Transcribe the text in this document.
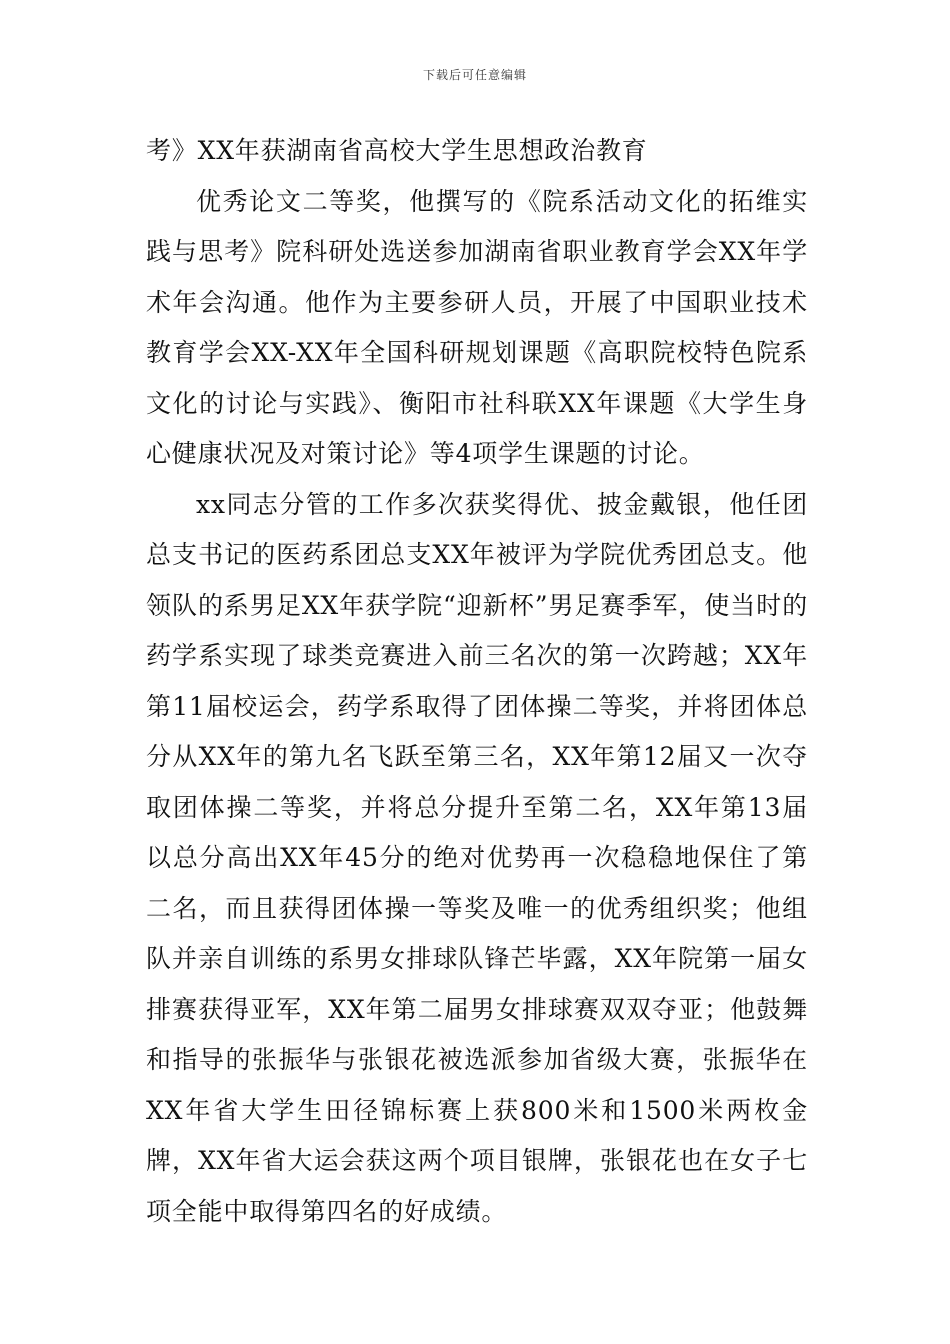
下载后可任意编辑

考》XX年获湖南省高校大学生思想政治教育

优秀论文二等奖，他撰写的《院系活动文化的拓维实践与思考》院科研处选送参加湖南省职业教育学会XX年学术年会沟通。他作为主要参研人员，开展了中国职业技术教育学会XX-XX年全国科研规划课题《高职院校特色院系文化的讨论与实践》、衡阳市社科联XX年课题《大学生身心健康状况及对策讨论》等4项学生课题的讨论。

xx同志分管的工作多次获奖得优、披金戴银，他任团总支书记的医药系团总支XX年被评为学院优秀团总支。他领队的系男足XX年获学院“迎新杯”男足赛季军，使当时的药学系实现了球类竞赛进入前三名次的第一次跨越；XX年第11届校运会，药学系取得了团体操二等奖，并将团体总分从XX年的第九名飞跃至第三名，XX年第12届又一次夺取团体操二等奖，并将总分提升至第二名，XX年第13届以总分高出XX年45分的绝对优势再一次稳稳地保住了第二名，而且获得团体操一等奖及唯一的优秀组织奖；他组队并亲自训练的系男女排球队锋芒毕露，XX年院第一届女排赛获得亚军，XX年第二届男女排球赛双双夺亚；他鼓舞和指导的张振华与张银花被选派参加省级大赛，张振华在XX年省大学生田径锦标赛上获800米和1500米两枚金牌，XX年省大运会获这两个项目银牌，张银花也在女子七项全能中取得第四名的好成绩。
